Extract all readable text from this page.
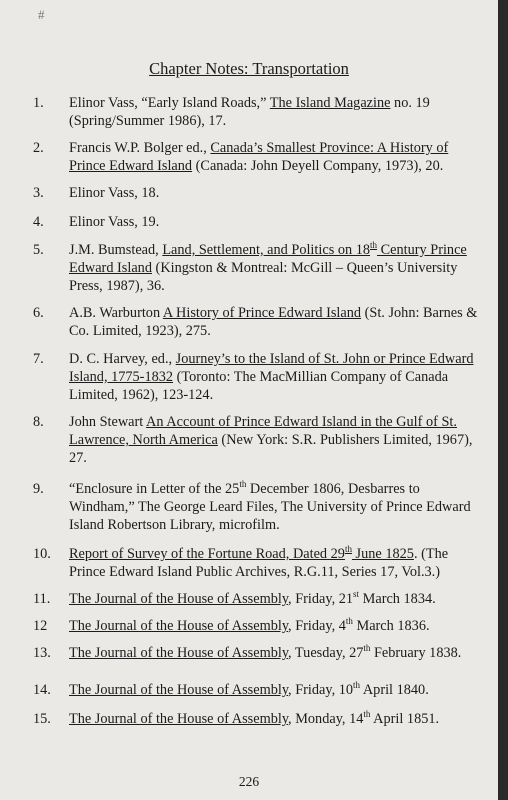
#
Chapter Notes: Transportation
1. Elinor Vass, “Early Island Roads,” The Island Magazine no. 19 (Spring/Summer 1986), 17.
2. Francis W.P. Bolger ed., Canada’s Smallest Province: A History of Prince Edward Island (Canada: John Deyell Company, 1973), 20.
3. Elinor Vass, 18.
4. Elinor Vass, 19.
5. J.M. Bumstead, Land, Settlement, and Politics on 18th Century Prince Edward Island (Kingston & Montreal: McGill – Queen’s University Press, 1987), 36.
6. A.B. Warburton A History of Prince Edward Island (St. John: Barnes & Co. Limited, 1923), 275.
7. D. C. Harvey, ed., Journey’s to the Island of St. John or Prince Edward Island, 1775-1832 (Toronto: The MacMillian Company of Canada Limited, 1962), 123-124.
8. John Stewart An Account of Prince Edward Island in the Gulf of St. Lawrence, North America (New York: S.R. Publishers Limited, 1967), 27.
9. “Enclosure in Letter of the 25th December 1806, Desbarres to Windham,” The George Leard Files, The University of Prince Edward Island Robertson Library, microfilm.
10. Report of Survey of the Fortune Road, Dated 29th June 1825. (The Prince Edward Island Public Archives, R.G.11, Series 17, Vol.3.)
11. The Journal of the House of Assembly, Friday, 21st March 1834.
12 The Journal of the House of Assembly, Friday, 4th March 1836.
13. The Journal of the House of Assembly, Tuesday, 27th February 1838.
14. The Journal of the House of Assembly, Friday, 10th April 1840.
15. The Journal of the House of Assembly, Monday, 14th April 1851.
226
